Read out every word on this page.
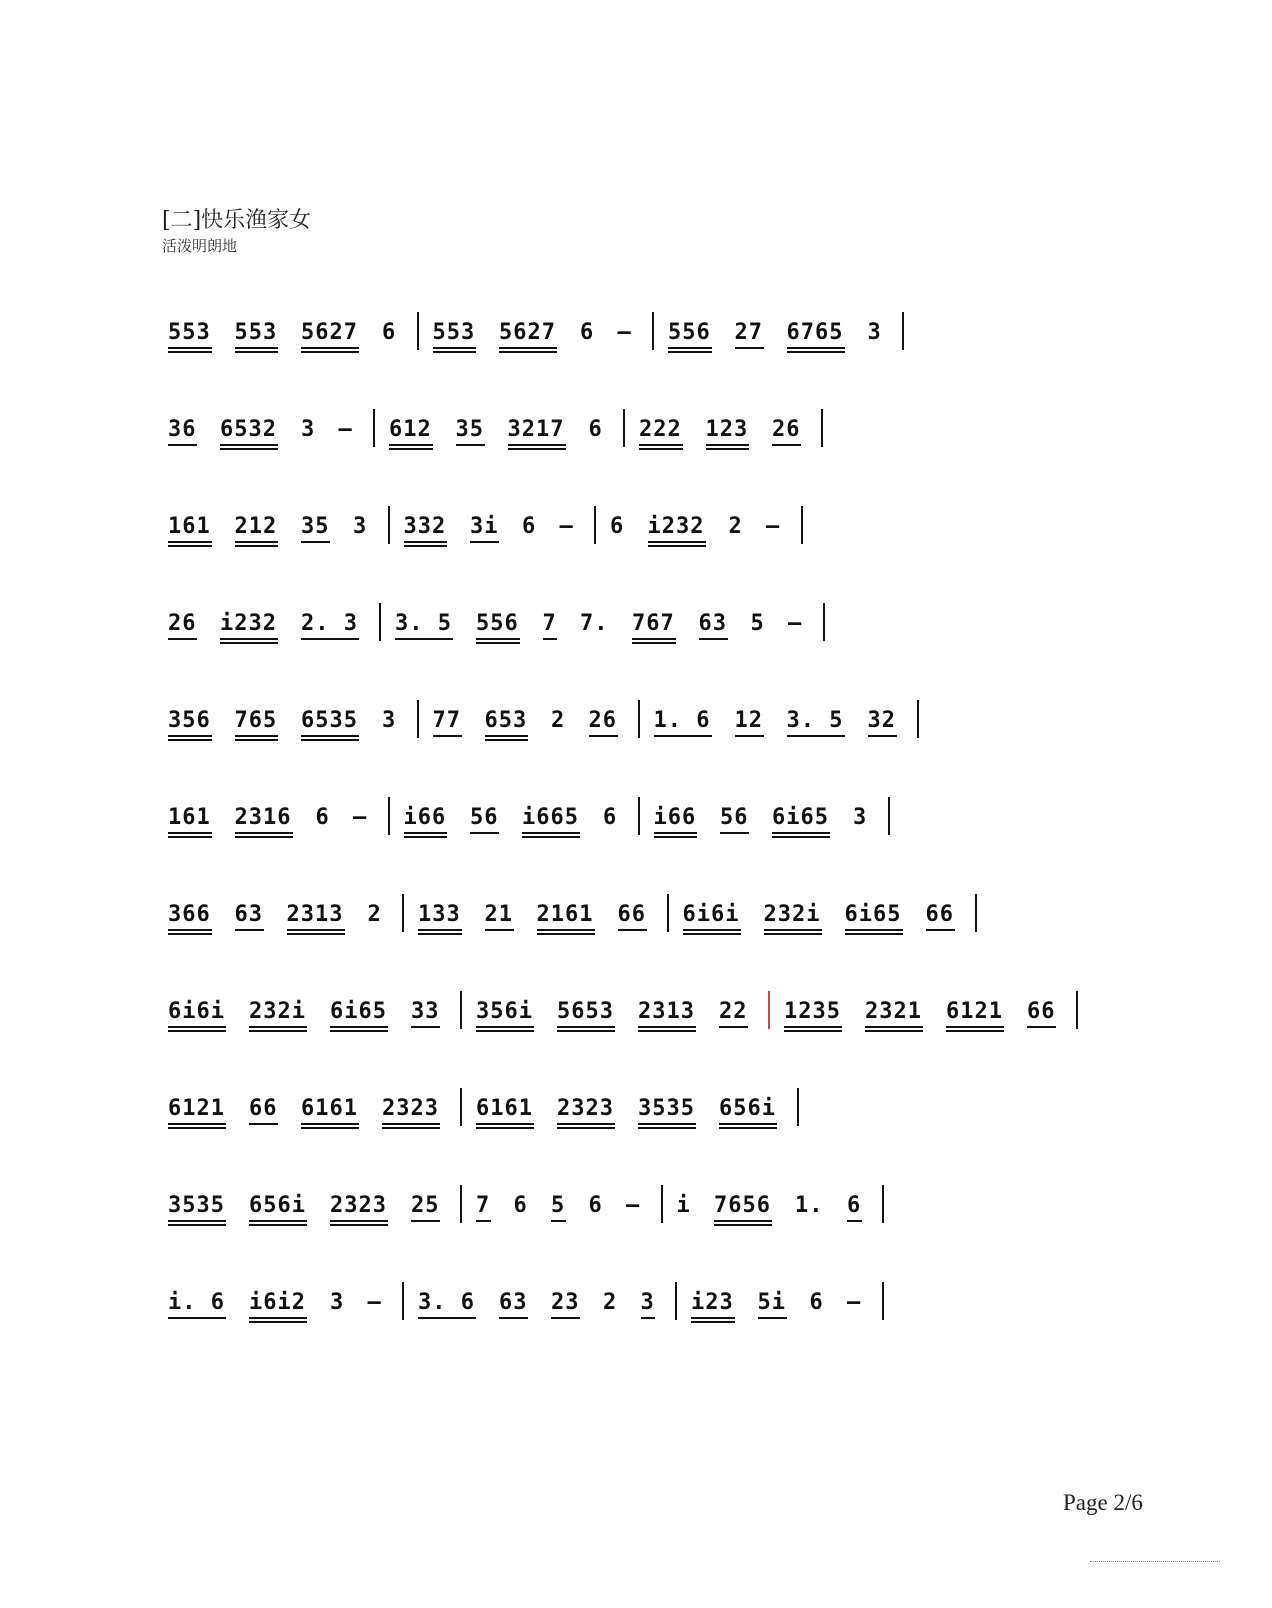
[二]快乐渔家女
活泼明朗地
553 553 5627 6 553 5627 6 — 556 27 6765 3
36 6532 3 — 612 35 3217 6 222 123 26
161 212 35 3 332 3i 6 — 6 i232 2 —
26 i232 2. 3 3. 5 556 7 7. 767 63 5 —
356 765 6535 3 77 653 2 26 1. 6 12 3. 5 32
161 2316 6 — i66 56 i665 6 i66 56 6i65 3
366 63 2313 2 133 21 2161 66 6i6i 232i 6i65 66
6i6i 232i 6i65 33 356i 5653 2313 22 1235 2321 6121 66
6121 66 6161 2323 6161 2323 3535 656i
3535 656i 2323 25 7 6 5 6 — i 7656 1. 6
i. 6 i6i2 3 — 3. 6 63 23 2 3 i23 5i 6 —
Page 2/6
